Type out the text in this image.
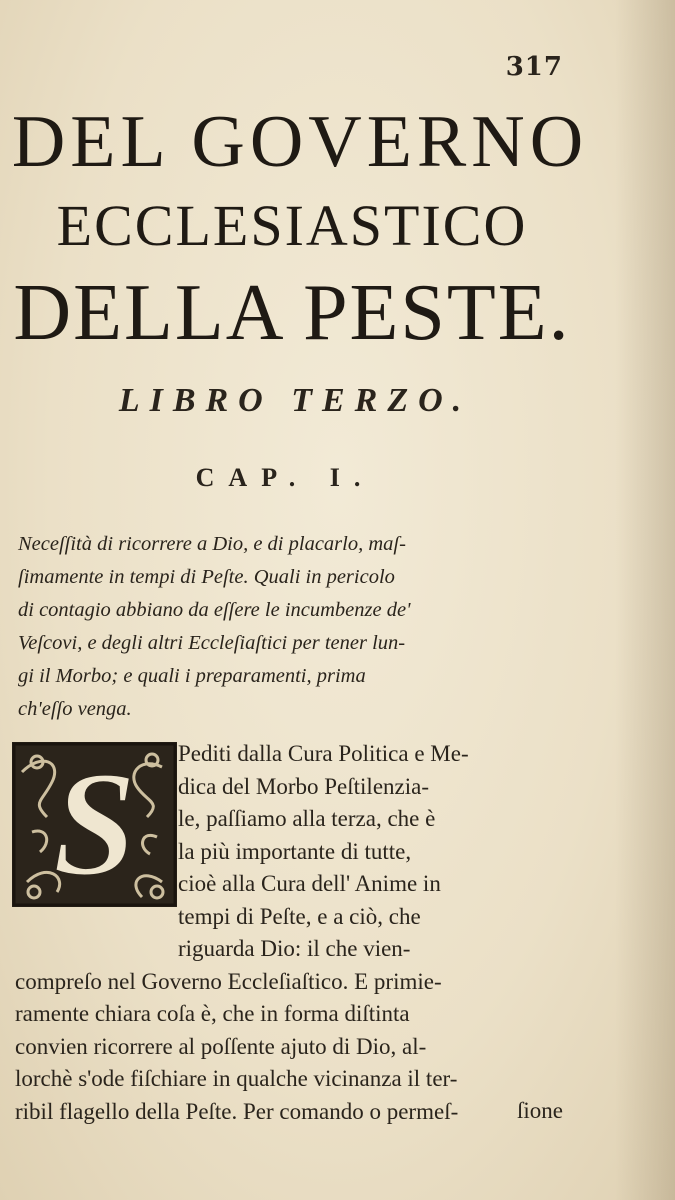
317
DEL GOVERNO
ECCLESIASTICO
DELLA PESTE.
LIBRO TERZO.
CAP. I.
Neceſſità di ricorrere a Dio, e di placarlo, maſ-
ſimamente in tempi di Peſte. Quali in pericolo
di contagio abbiano da eſſere le incumbenze de'
Veſcovi, e degli altri Eccleſiaſtici per tener lun-
gi il Morbo; e quali i preparamenti, prima
ch'eſſo venga.
S	Pediti dalla Cura Politica e Me-
dica del Morbo Peſtilenzia-
le, paſſiamo alla terza, che è
la più importante di tutte,
cioè alla Cura dell' Anime in
tempi di Peſte, e a ciò, che
riguarda Dio: il che vien-
compreſo nel Governo Eccleſiaſtico. E primie-
ramente chiara coſa è, che in forma diſtinta
convien ricorrere al poſſente ajuto di Dio, al-
lorchè s'ode fiſchiare in qualche vicinanza il ter-
ribil flagello della Peſte. Per comando o permeſ-	ſione
